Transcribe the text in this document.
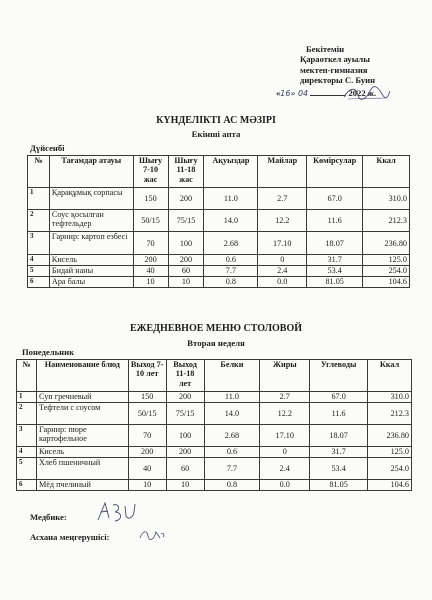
Бекітемін
Қараоткел ауылы
мектеп-гимназия
директоры С. Буин
«16» 04	2022 ж.
КҮНДЕЛІКТІ АС МӘЗІРІ
Екінші апта
Дүйсенбі
№	Тағамдар атауы	Шығу 7-10 жас	Шығу 11-18 жас	Ақуыздар	Майлар	Көмірсулар	Ккал
1	Қарақұмық сорпасы	150	200	11.0	2.7	67.0	310.0
2	Соус қосылған тефтельдер	50/15	75/15	14.0	12.2	11.6	212.3
3	Гарнир: картоп езбесі	70	100	2.68	17.10	18.07	236.80
4	Кисель	200	200	0.6	0	31.7	125.0
5	Бидай наны	40	60	7.7	2.4	53.4	254.0
6	Ара балы	10	10	0.8	0.0	81.05	104.6
ЕЖЕДНЕВНОЕ МЕНЮ СТОЛОВОЙ
Вторая неделя
Понедельник
№	Наименование блюд	Выход 7-10 лет	Выход 11-18 лет	Белки	Жиры	Углеводы	Ккал
1	Суп гречневый	150	200	11.0	2.7	67.0	310.0
2	Тефтели с соусом	50/15	75/15	14.0	12.2	11.6	212.3
3	Гарнир: пюре картофельное	70	100	2.68	17.10	18.07	236.80
4	Кисель	200	200	0.6	0	31.7	125.0
5	Хлеб пшеничный	40	60	7.7	2.4	53.4	254.0
6	Мёд пчелиный	10	10	0.8	0.0	81.05	104.6
Медбике:
Асхана меңгерушісі:
